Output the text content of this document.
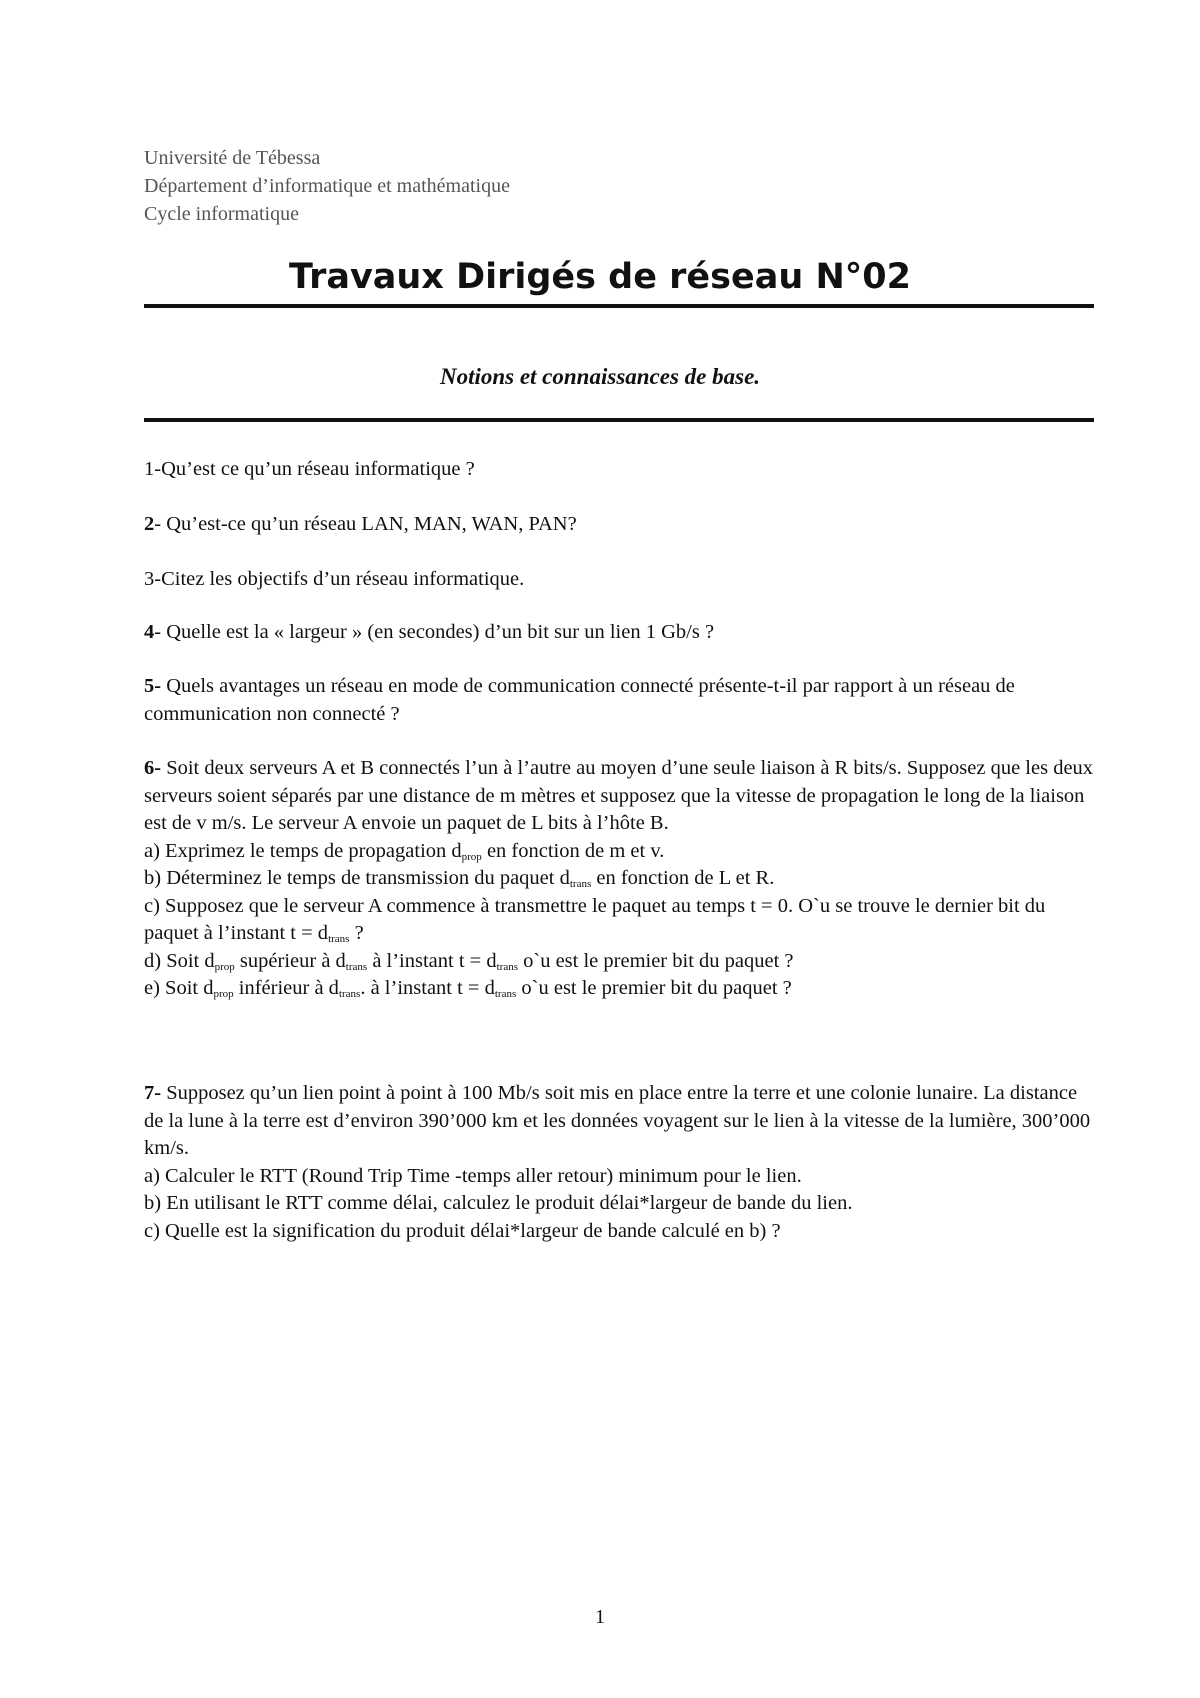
Université de Tébessa
Département d’informatique et mathématique
Cycle informatique
Travaux Dirigés de réseau N°02
Notions et connaissances de base.

1-Qu’est ce qu’un réseau informatique ?

2- Qu’est-ce qu’un réseau LAN, MAN, WAN, PAN?

3-Citez les objectifs d’un réseau informatique.

4- Quelle est la « largeur » (en secondes) d’un bit sur un lien 1 Gb/s ?

5- Quels avantages un réseau en mode de communication connecté présente-t-il par rapport à un réseau de communication non connecté ?

6- Soit deux serveurs A et B connectés l’un à l’autre au moyen d’une seule liaison à R bits/s. Supposez que les deux serveurs soient séparés par une distance de m mètres et supposez que la vitesse de propagation le long de la liaison est de v m/s. Le serveur A envoie un paquet de L bits à l’hôte B.

a) Exprimez le temps de propagation $d_{prop}$ en fonction de m et v.

b) Déterminez le temps de transmission du paquet $d_{trans}$ en fonction de L et R.

c) Supposez que le serveur A commence à transmettre le paquet au temps t = 0. O`u se trouve le dernier bit du paquet à l’instant $t = d_{trans}$ ?

d) Soit $d_{prop}$ supérieur à $d_{trans}$ à l’instant $t = d_{trans}$ o`u est le premier bit du paquet ?

e) Soit $d_{prop}$ inférieur à $d_{trans}$. à l’instant $t = d_{trans}$ o`u est le premier bit du paquet ?

7- Supposez qu’un lien point à point à 100 Mb/s soit mis en place entre la terre et une colonie lunaire. La distance de la lune à la terre est d’environ 390’000 km et les données voyagent sur le lien à la vitesse de la lumière, 300’000 km/s.

a) Calculer le RTT (Round Trip Time -temps aller retour) minimum pour le lien.

b) En utilisant le RTT comme délai, calculez le produit délai*largeur de bande du lien.

c) Quelle est la signification du produit délai*largeur de bande calculé en b) ?

1
